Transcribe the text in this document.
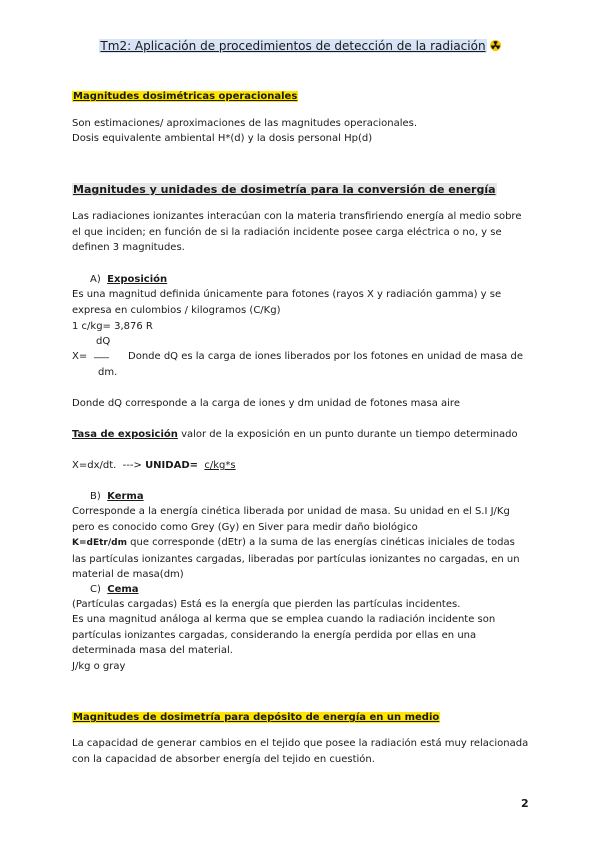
Tm2: Aplicación de procedimientos de detección de la radiación
Magnitudes dosimétricas operacionales
Son estimaciones/ aproximaciones de las magnitudes operacionales.
Dosis equivalente ambiental H*(d) y la dosis personal Hp(d)
Magnitudes y unidades de dosimetría para la conversión de energía
Las radiaciones ionizantes interacúan con la materia transfiriendo energía al medio sobre el que inciden; en función de si la radiación incidente posee carga eléctrica o no, y se definen 3 magnitudes.
A) Exposición
Es una magnitud definida únicamente para fotones (rayos X y radiación gamma) y se expresa en culombios / kilogramos (C/Kg)
1 c/kg= 3,876 R
dQ
X= ___ Donde dQ es la carga de iones liberados por los fotones en unidad de masa de
dm.
Donde dQ corresponde a la carga de iones y dm unidad de fotones masa aire
Tasa de exposición valor de la exposición en un punto durante un tiempo determinado
X=dx/dt. ---> UNIDAD= c/kg*s
B) Kerma
Corresponde a la energía cinética liberada por unidad de masa. Su unidad en el S.I J/Kg pero es conocido como Grey (Gy) en Siver para medir daño biológico
K=dEtr/dm que corresponde (dEtr) a la suma de las energías cinéticas iniciales de todas las partículas ionizantes cargadas, liberadas por partículas ionizantes no cargadas, en un material de masa(dm)
C) Cema
(Partículas cargadas) Está es la energía que pierden las partículas incidentes.
Es una magnitud análoga al kerma que se emplea cuando la radiación incidente son partículas ionizantes cargadas, considerando la energía perdida por ellas en una determinada masa del material.
J/kg o gray
Magnitudes de dosimetría para depósito de energía en un medio
La capacidad de generar cambios en el tejido que posee la radiación está muy relacionada con la capacidad de absorber energía del tejido en cuestión.
2
